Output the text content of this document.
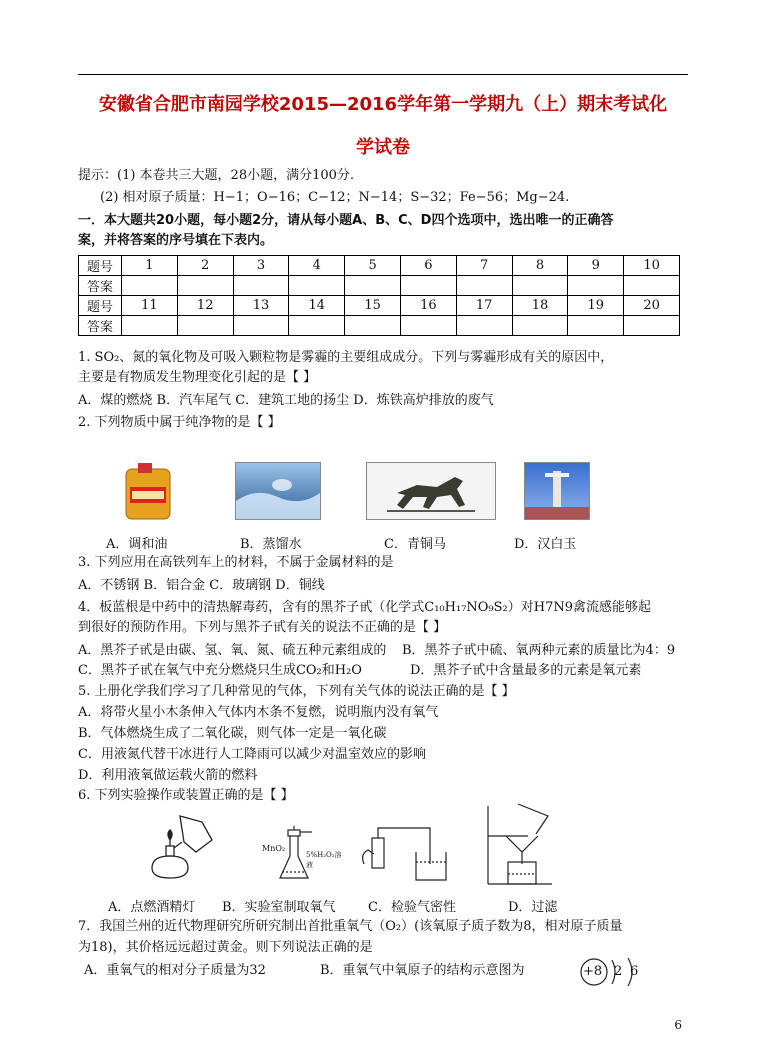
安徽省合肥市南园学校2015—2016学年第一学期九（上）期末考试化
学试卷
提示：(1) 本卷共三大题，28小题，满分100分.
(2) 相对原子质量：H−1；O−16；C−12；N−14；S−32；Fe−56；Mg−24.
一．本大题共20小题，每小题2分，请从每小题A、B、C、D四个选项中，选出唯一的正确答
案，并将答案的序号填在下表内。
题号	1	2	3	4	5	6	7	8	9	10
答案										
题号	11	12	13	14	15	16	17	18	19	20
答案										
1. SO₂、氮的氧化物及可吸入颗粒物是雾霾的主要组成成分。下列与雾霾形成有关的原因中，
主要是有物质发生物理变化引起的是【 】
A．煤的燃烧 B．汽车尾气 C．建筑工地的扬尘 D．炼铁高炉排放的废气
2. 下列物质中属于纯净物的是【 】
A．调和油	B．蒸馏水	C．青铜马	D．汉白玉
3. 下列应用在高铁列车上的材料，不属于金属材料的是
A．不锈钢 B．铝合金 C．玻璃钢 D．铜线
4．板蓝根是中药中的清热解毒药，含有的黑芥子甙（化学式C₁₀H₁₇NO₉S₂）对H7N9禽流感能够起
到很好的预防作用。下列与黑芥子甙有关的说法不正确的是【 】
A．黑芥子甙是由碳、氢、氧、氮、硫五种元素组成的 B．黑芥子甙中硫、氧两种元素的质量比为4：9
C．黑芥子甙在氧气中充分燃烧只生成CO₂和H₂O	D．黑芥子甙中含量最多的元素是氧元素
5. 上册化学我们学习了几种常见的气体，下列有关气体的说法正确的是【 】
A．将带火星小木条伸入气体内木条不复燃，说明瓶内没有氧气
B．气体燃烧生成了二氧化碳，则气体一定是一氧化碳
C．用液氮代替干冰进行人工降雨可以减少对温室效应的影响
D．利用液氧做运载火箭的燃料
6. 下列实验操作或装置正确的是【 】
MnO₂
5%H₂O₂溶液
A．点燃酒精灯 B．实验室制取氧气 C．检验气密性	D．过滤
7．我国兰州的近代物理研究所研究制出首批重氧气（O₂）(该氧原子质子数为8，相对原子质量
为18)，其价格远远超过黄金。则下列说法正确的是
A．重氧气的相对分子质量为32	B．重氧气中氧原子的结构示意图为	+8 2 6
6
